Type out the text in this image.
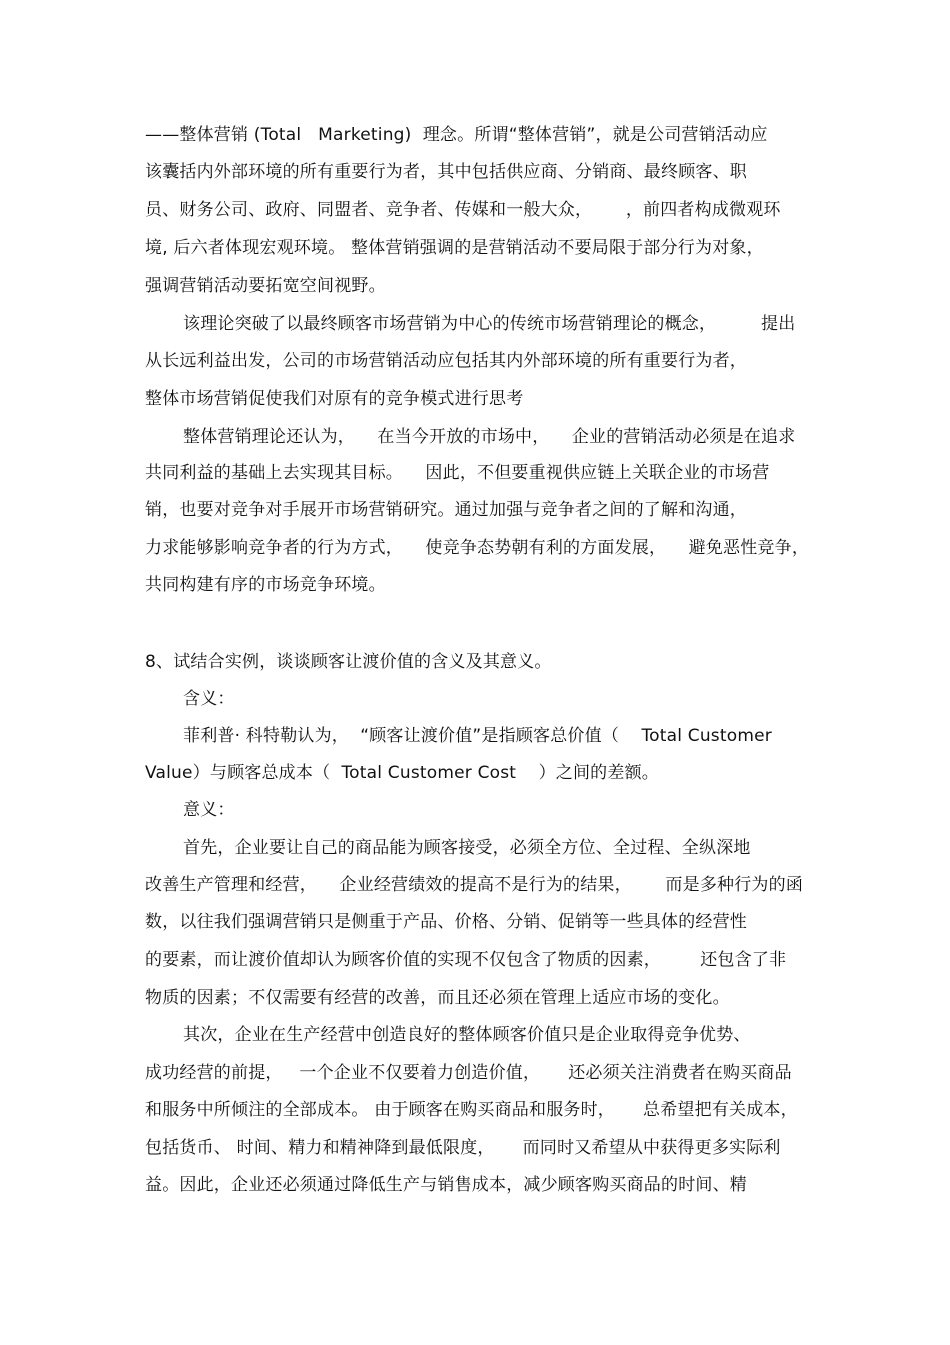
——整体营销 (Total   Marketing)  理念。所谓“整体营销”，就是公司营销活动应
该囊括内外部环境的所有重要行为者，其中包括供应商、分销商、最终顾客、职
员、财务公司、政府、同盟者、竞争者、传媒和一般大众，      ，前四者构成微观环
境, 后六者体现宏观环境。 整体营销强调的是营销活动不要局限于部分行为对象，
强调营销活动要拓宽空间视野。
该理论突破了以最终顾客市场营销为中心的传统市场营销理论的概念，        提出
从长远利益出发，公司的市场营销活动应包括其内外部环境的所有重要行为者，
整体市场营销促使我们对原有的竞争模式进行思考
整体营销理论还认为，    在当今开放的市场中，    企业的营销活动必须是在追求
共同利益的基础上去实现其目标。    因此，不但要重视供应链上关联企业的市场营
销，也要对竞争对手展开市场营销研究。通过加强与竞争者之间的了解和沟通，
力求能够影响竞争者的行为方式，    使竞争态势朝有利的方面发展，    避免恶性竞争，
共同构建有序的市场竞争环境。
8、试结合实例，谈谈顾客让渡价值的含义及其意义。
含义：
菲利普· 科特勒认为，  “顾客让渡价值”是指顾客总价值（    Total Customer
Value）与顾客总成本（  Total Customer Cost    ）之间的差额。
意义：
首先，企业要让自己的商品能为顾客接受，必须全方位、全过程、全纵深地
改善生产管理和经营，    企业经营绩效的提高不是行为的结果，      而是多种行为的函
数，以往我们强调营销只是侧重于产品、价格、分销、促销等一些具体的经营性
的要素，而让渡价值却认为顾客价值的实现不仅包含了物质的因素，       还包含了非
物质的因素；不仅需要有经营的改善，而且还必须在管理上适应市场的变化。
其次，企业在生产经营中创造良好的整体顾客价值只是企业取得竞争优势、
成功经营的前提，   一个企业不仅要着力创造价值，     还必须关注消费者在购买商品
和服务中所倾注的全部成本。 由于顾客在购买商品和服务时，     总希望把有关成本，
包括货币、 时间、精力和精神降到最低限度，     而同时又希望从中获得更多实际利
益。因此，企业还必须通过降低生产与销售成本，减少顾客购买商品的时间、精
